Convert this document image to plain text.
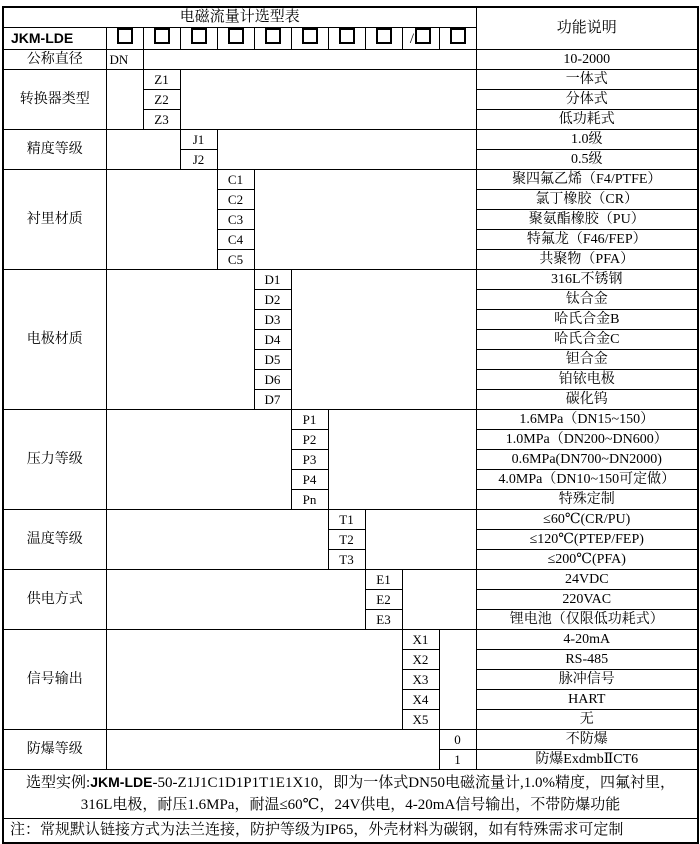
电磁流量计选型表											功能说明
JKM-LDE									/		
公称直径	DN										10-2000
转换器类型		Z1									一体式
		Z2									分体式
		Z3									低功耗式
精度等级			J1								1.0级
			J2								0.5级
衬里材质				C1							聚四氟乙烯（F4/PTFE）
				C2							氯丁橡胶（CR）
				C3							聚氨酯橡胶（PU）
				C4							特氟龙（F46/FEP）
				C5							共聚物（PFA）
电极材质					D1						316L不锈钢
					D2						钛合金
					D3						哈氏合金B
					D4						哈氏合金C
					D5						钽合金
					D6						铂铱电极
					D7						碳化钨
压力等级						P1					1.6MPa（DN15~150）
						P2					1.0MPa（DN200~DN600）
						P3					0.6MPa(DN700~DN2000)
						P4					4.0MPa（DN10~150可定做）
						Pn					特殊定制
温度等级							T1				≤60℃(CR/PU)
							T2				≤120℃(PTEP/FEP)
							T3				≤200℃(PFA)
供电方式								E1			24VDC
								E2			220VAC
								E3			锂电池（仅限低功耗式）
信号输出									X1		4-20mA
									X2		RS-485
									X3		脉冲信号
									X4		HART
									X5		无
防爆等级										0	不防爆
										1	防爆ExdmbⅡCT6

选型实例:JKM-LDE-50-Z1J1C1D1P1T1E1X10，即为一体式DN50电磁流量计,1.0%精度，四氟衬里，
316L电极，耐压1.6MPa，耐温≤60℃，24V供电，4-20mA信号输出，不带防爆功能											

注：常规默认链接方式为法兰连接，防护等级为IP65，外壳材料为碳钢，如有特殊需求可定制											
